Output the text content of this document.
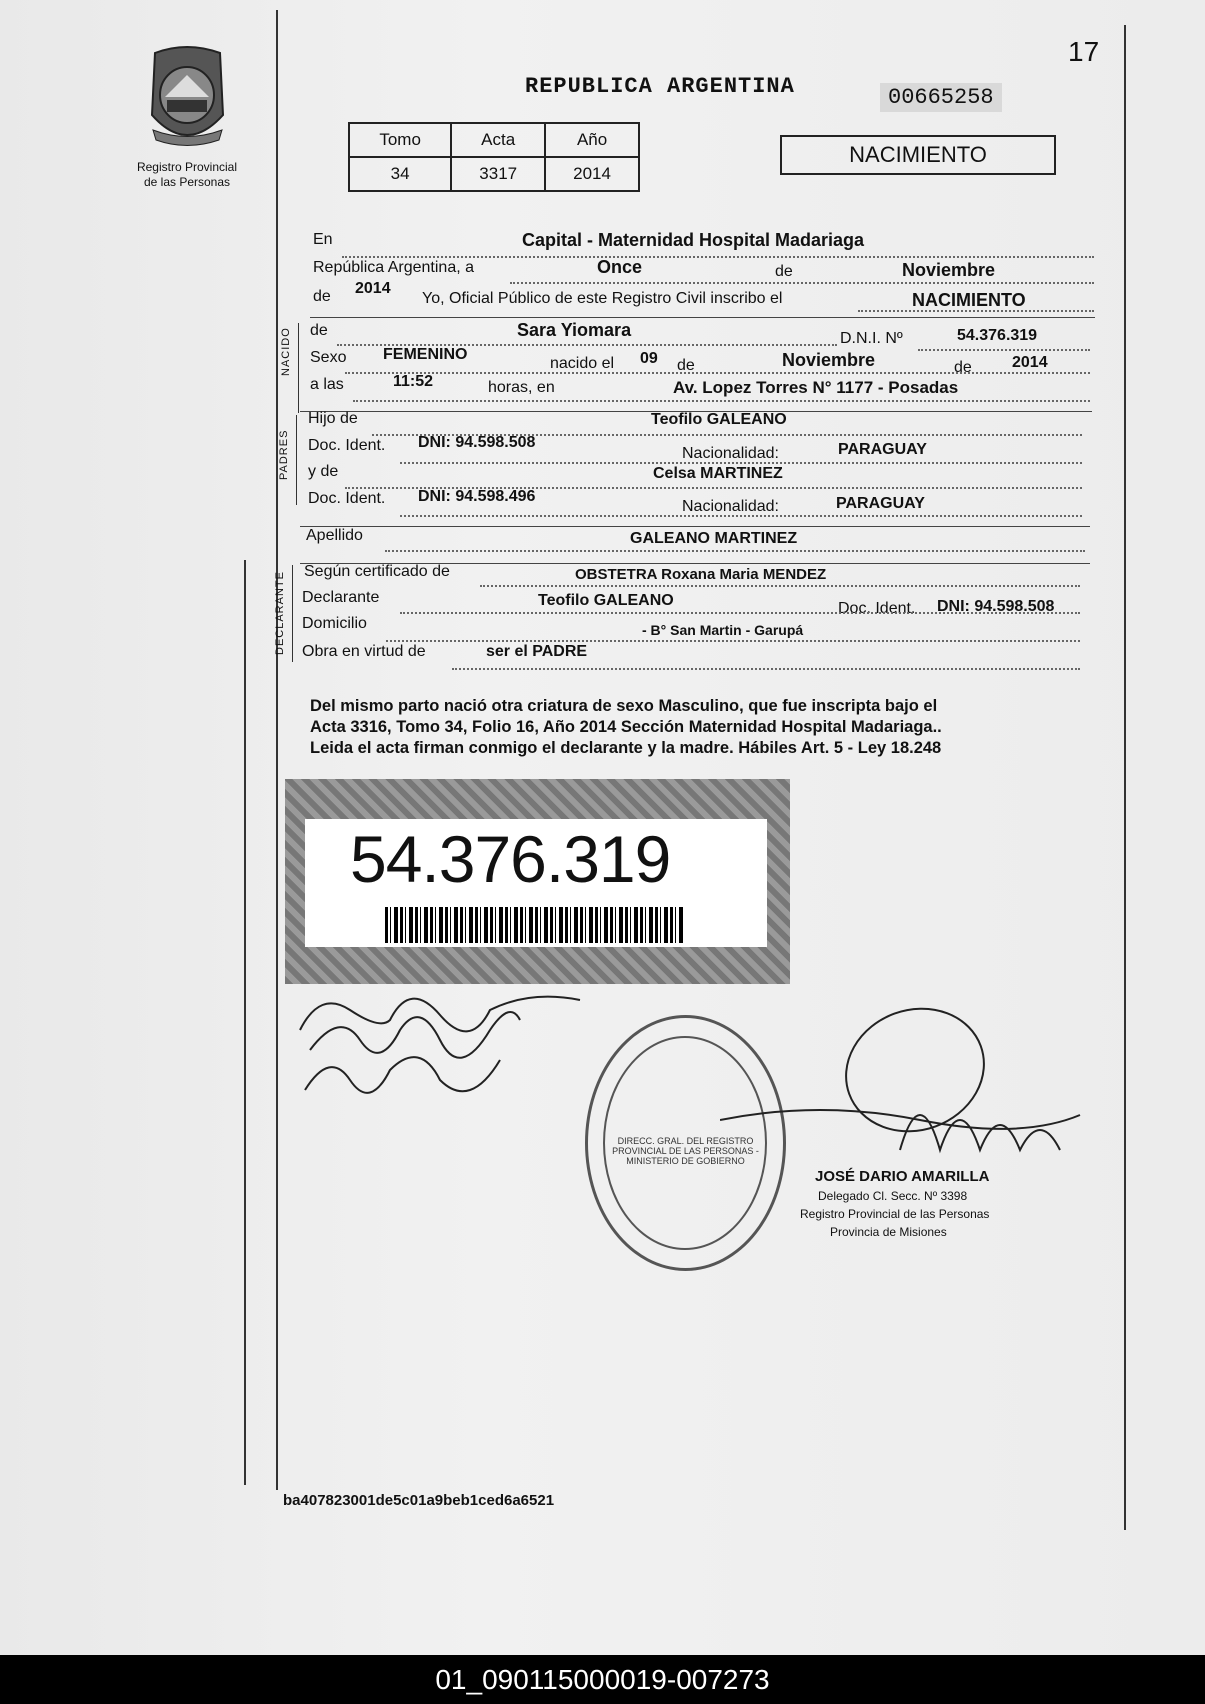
17
Registro Provincial
de las Personas
REPUBLICA ARGENTINA	00665258
Tomo	Acta	Año
34	3317	2014
NACIMIENTO
En	Capital - Maternidad Hospital Madariaga
República Argentina, a	Once	de	Noviembre
de 2014
Yo, Oficial Público de este Registro Civil inscribo el	NACIMIENTO
NACIDO de	Sara Yiomara	D.N.I. Nº	54.376.319
Sexo FEMENINO
nacido el 09 de	Noviembre	de	2014
a las	11:52	horas, en	Av. Lopez Torres N° 1177 - Posadas
PADRES
Hijo de	Teofilo GALEANO
Doc. Ident. DNI: 94.598.508
Nacionalidad:	PARAGUAY
y de	Celsa MARTINEZ
Doc. Ident. DNI: 94.598.496
Nacionalidad:	PARAGUAY
Apellido	GALEANO MARTINEZ
DECLARANTE Según certificado de	OBSTETRA Roxana Maria MENDEZ
Declarante	Teofilo GALEANO	Doc. Ident. DNI: 94.598.508
Domicilio	- B° San Martin - Garupá
Obra en virtud de	ser el PADRE
Del mismo parto nació otra criatura de sexo Masculino, que fue inscripta bajo el
Acta 3316, Tomo 34, Folio 16, Año 2014 Sección Maternidad Hospital Madariaga..
Leida el acta firman conmigo el declarante y la madre. Hábiles Art. 5 - Ley 18.248
54.376.319
DIRECC. GRAL. DEL REGISTRO PROVINCIAL DE LAS PERSONAS - MINISTERIO DE GOBIERNO
JOSÉ DARIO AMARILLA
Delegado Cl. Secc. Nº 3398
Registro Provincial de las Personas
Provincia de Misiones
ba407823001de5c01a9beb1ced6a6521
01_090115000019-007273
